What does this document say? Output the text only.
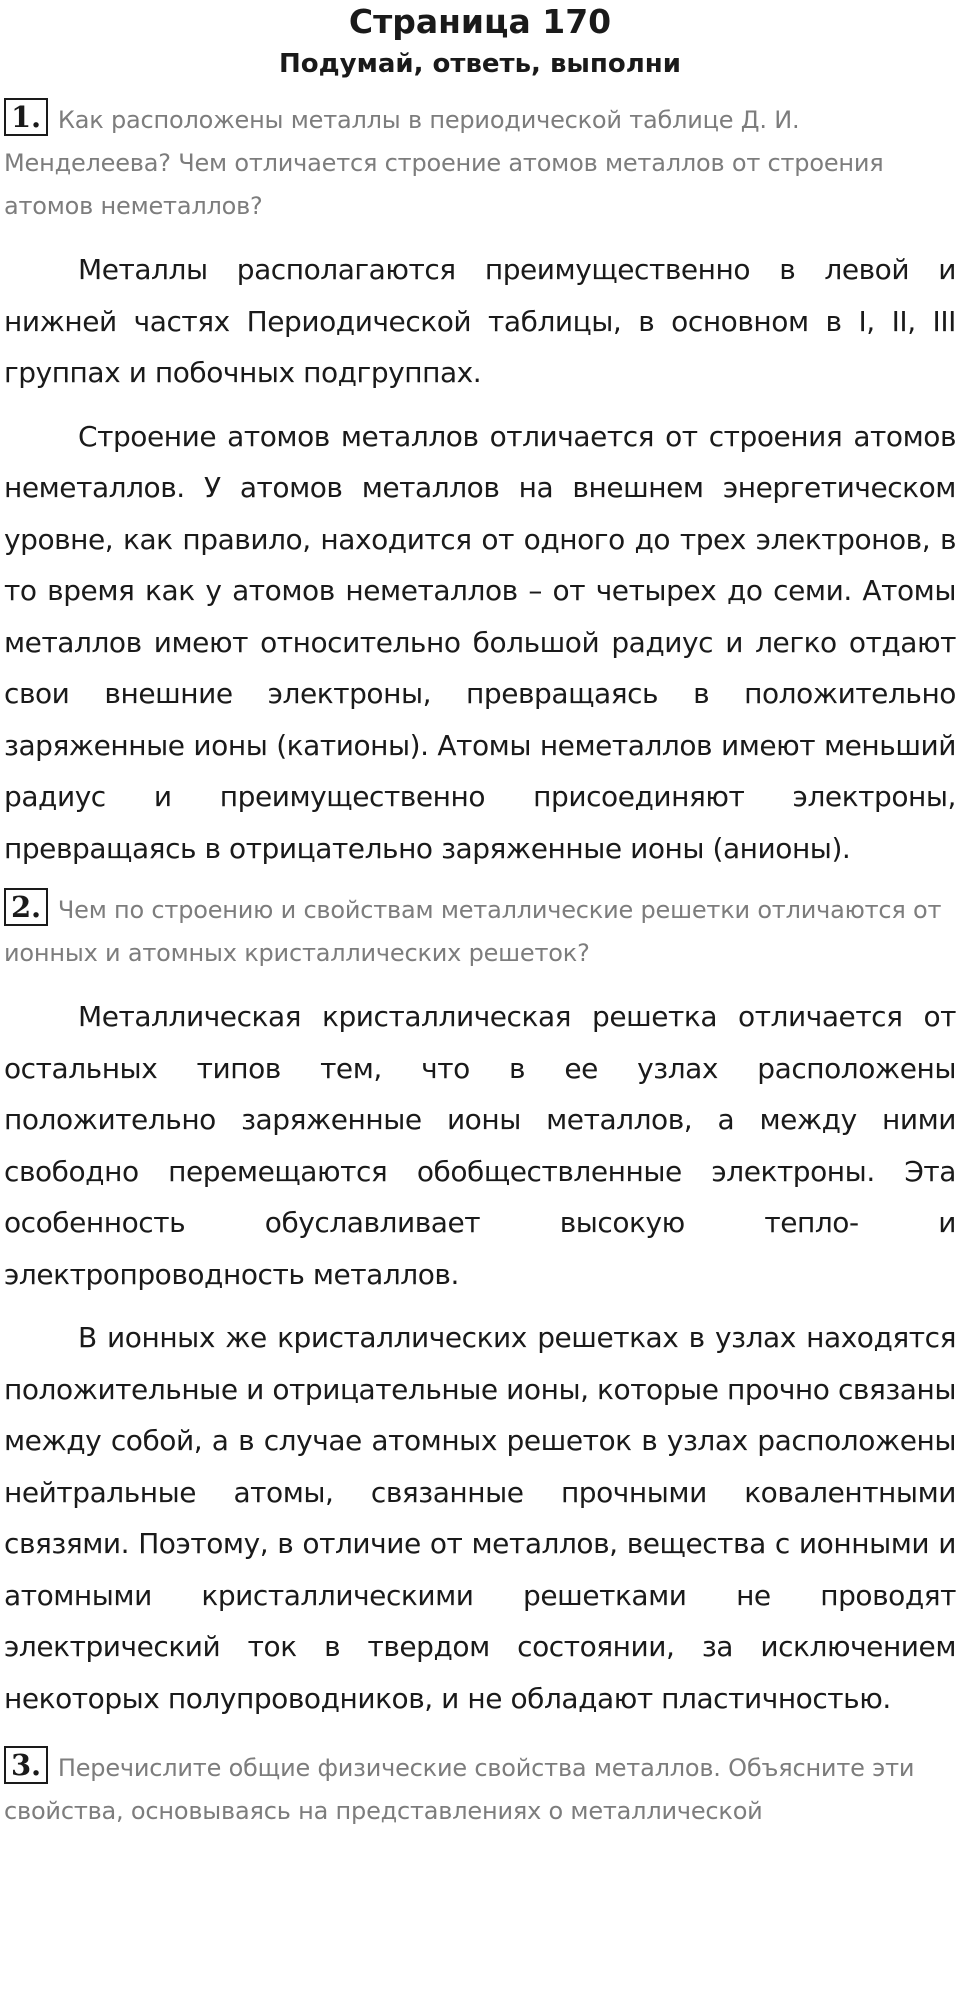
Страница 170
Подумай, ответь, выполни

1. Как расположены металлы в периодической таблице Д. И. Менделеева? Чем отличается строение атомов металлов от строения атомов неметаллов?

Металлы располагаются преимущественно в левой и нижней частях Периодической таблицы, в основном в I, II, III группах и побочных подгруппах.

Строение атомов металлов отличается от строения атомов неметаллов. У атомов металлов на внешнем энергетическом уровне, как правило, находится от одного до трех электронов, в то время как у атомов неметаллов – от четырех до семи. Атомы металлов имеют относительно большой радиус и легко отдают свои внешние электроны, превращаясь в положительно заряженные ионы (катионы). Атомы неметаллов имеют меньший радиус и преимущественно присоединяют электроны, превращаясь в отрицательно заряженные ионы (анионы).

2. Чем по строению и свойствам металлические решетки отличаются от ионных и атомных кристаллических решеток?

Металлическая кристаллическая решетка отличается от остальных типов тем, что в ее узлах расположены положительно заряженные ионы металлов, а между ними свободно перемещаются обобществленные электроны. Эта особенность обуславливает высокую тепло- и электропроводность металлов.

В ионных же кристаллических решетках в узлах находятся положительные и отрицательные ионы, которые прочно связаны между собой, а в случае атомных решеток в узлах расположены нейтральные атомы, связанные прочными ковалентными связями. Поэтому, в отличие от металлов, вещества с ионными и атомными кристаллическими решетками не проводят электрический ток в твердом состоянии, за исключением некоторых полупроводников, и не обладают пластичностью.

3. Перечислите общие физические свойства металлов. Объясните эти свойства, основываясь на представлениях о металлической
